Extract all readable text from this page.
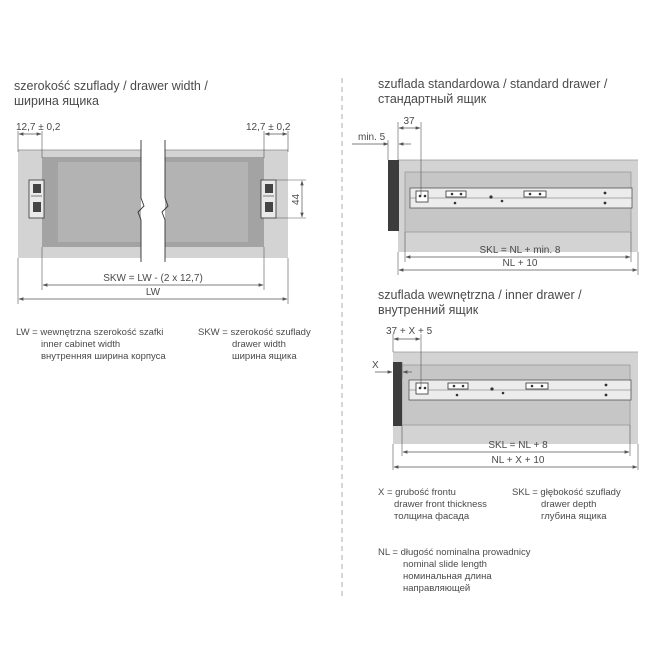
szerokość szuflady / drawer width /
ширина ящика
12,7 ± 0,2	12,7 ± 0,2
44
SKW = LW - (2 x 12,7)
LW
LW = wewnętrzna szerokość szafki
inner cabinet width
внутренняя ширина корпуса
SKW = szerokość szuflady
drawer width
ширина ящика
szuflada standardowa / standard drawer /
стандартный ящик
min. 5
37
SKL = NL + min. 8
NL + 10
szuflada wewnętrzna / inner drawer /
внутренний ящик
37 + X + 5
X
SKL = NL + 8
NL + X + 10
X = grubość frontu
drawer front thickness
толщина фасада
SKL = głębokość szuflady
drawer depth
глубина ящика
NL = długość nominalna prowadnicy
nominal slide length
номинальная длина
направляющей
